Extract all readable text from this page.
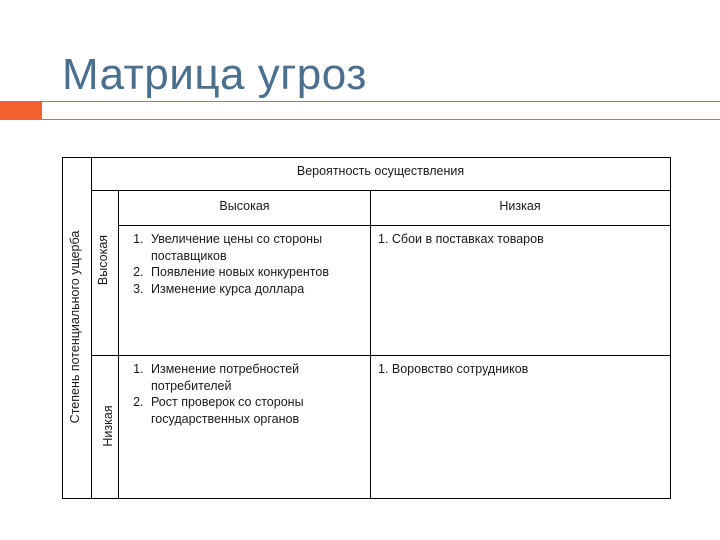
Матрица угроз
Вероятность осуществления
Высокая	Низкая
Степень потенциального ущерба	Высокая
Низкая
1. Увеличение цены со стороны поставщиков
2. Появление новых конкурентов
3. Изменение курса доллара
1. Сбои в поставках товаров
1. Изменение потребностей потребителей
2. Рост проверок со стороны государственных органов
1. Воровство сотрудников
